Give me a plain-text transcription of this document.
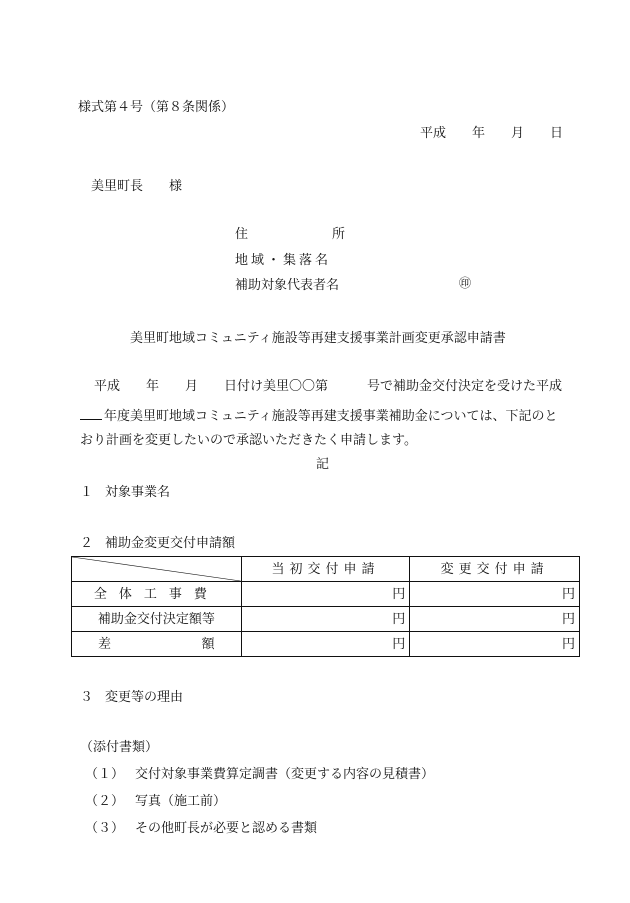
様式第４号（第８条関係）
平成 年 月 日
美里町長 様
住所
地域・集落名
補助対象代表者名	㊞
美里町地域コミュニティ施設等再建支援事業計画変更承認申請書
平成　　年　　月　　日付け美里〇〇第　　　号で補助金交付決定を受けた平成
年度美里町地域コミュニティ施設等再建支援事業補助金については、下記のと
おり計画を変更したいので承認いただきたく申請します。
記
１ 対象事業名
２ 補助金変更交付申請額
	当初交付申請	変更交付申請
全体工事費	円	円
補助金交付決定額等	円	円
差額	円	円
３ 変更等の理由
（添付書類）
（１） 交付対象事業費算定調書（変更する内容の見積書）
（２） 写真（施工前）
（３） その他町長が必要と認める書類
